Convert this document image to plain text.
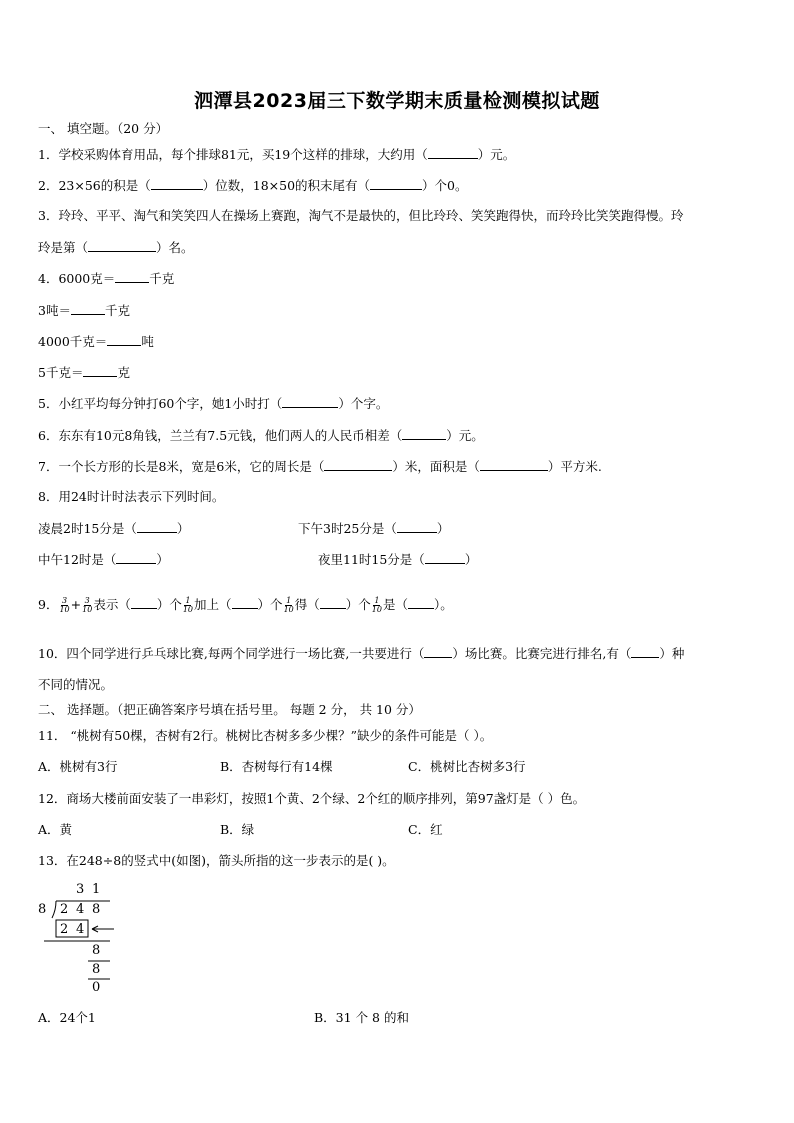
泗潭县2023届三下数学期末质量检测模拟试题
一、 填空题。（20 分）
1．学校采购体育用品，每个排球81元，买19个这样的排球，大约用（	）元。
2．23×56的积是（	）位数，18×50的积末尾有（	）个0。
3．玲玲、平平、淘气和笑笑四人在操场上赛跑，淘气不是最快的，但比玲玲、笑笑跑得快，而玲玲比笑笑跑得慢。玲
玲是第（	）名。
4．6000克＝	千克
3吨＝	千克
4000千克＝	吨
5千克＝	克
5．小红平均每分钟打60个字，她1小时打（	）个字。
6．东东有10元8角钱，兰兰有7.5元钱，他们两人的人民币相差（	）元。
7．一个长方形的长是8米，宽是6米，它的周长是（	）米，面积是（	）平方米.
8．用24时计时法表示下列时间。
凌晨2时15分是（	）	下午3时25分是（	）
中午12时是（	）	夜里11时15分是（	）
9． $\frac{3}{10} + \frac{3}{10}$ 表示（ ）个 $\frac{1}{10}$ 加上（ ）个 $\frac{1}{10}$ 得（ ）个 $\frac{1}{10}$ 是（ ）。
10．四个同学进行乒乓球比赛,每两个同学进行一场比赛,一共要进行（ ）场比赛。比赛完进行排名,有（ ）种
不同的情况。
二、 选择题。（把正确答案序号填在括号里。 每题 2 分， 共 10 分）
11． “桃树有50棵，杏树有2行。桃树比杏树多多少棵？”缺少的条件可能是（ ）。
A．桃树有3行	B．杏树每行有14棵	C．桃树比杏树多3行
12．商场大楼前面安装了一串彩灯，按照1个黄、2个绿、2个红的顺序排列，第97盏灯是（ ）色。
A．黄	B．绿	C．红
13．在248÷8的竖式中(如图)，箭头所指的这一步表示的是( )。
3 1
8 2 4 8
2 4
8
8
0
A．24个1	B．31 个 8 的和
